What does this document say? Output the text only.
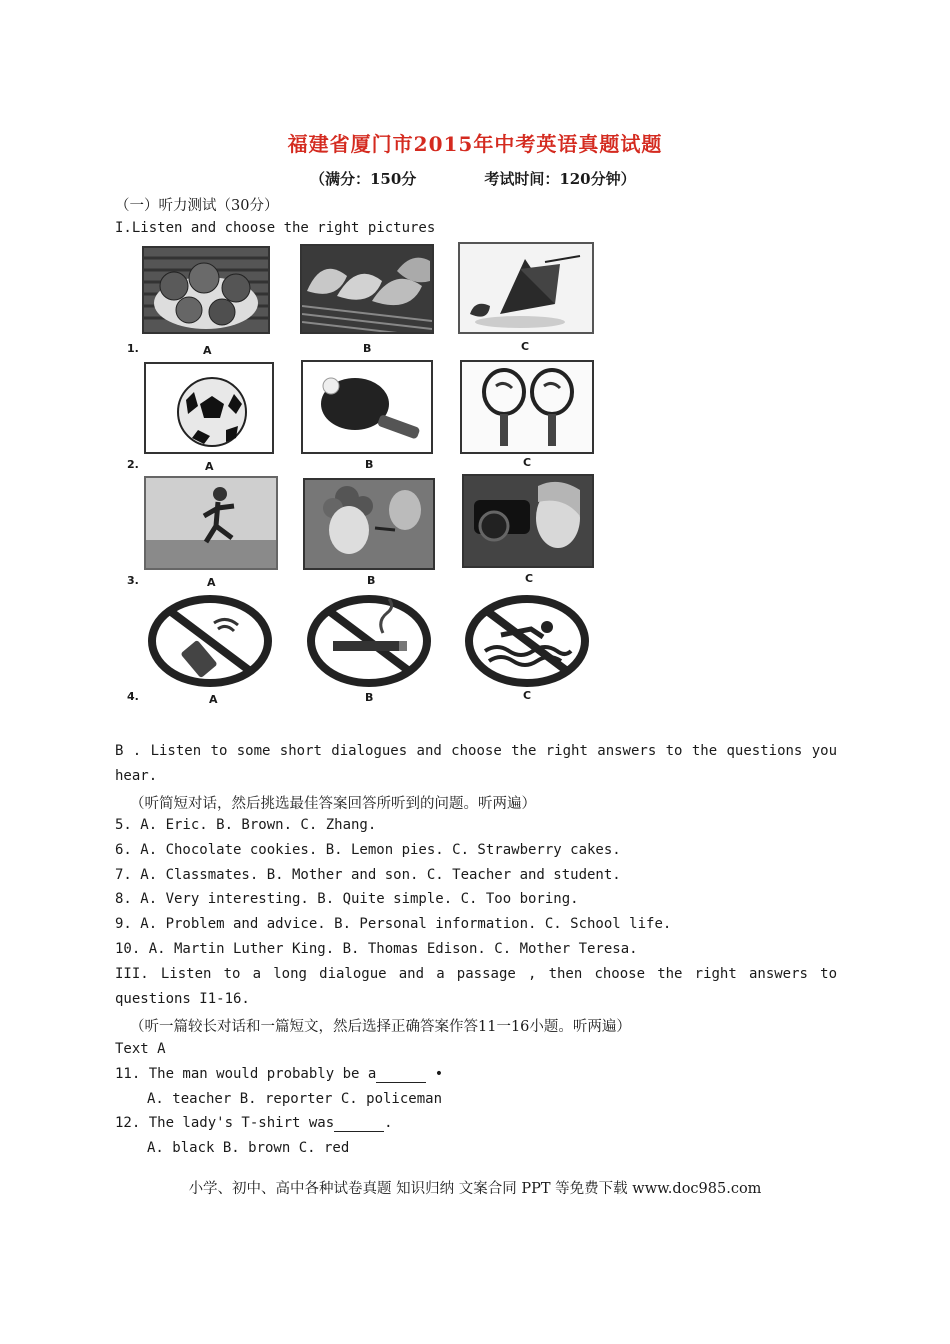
福建省厦门市2015年中考英语真题试题
（满分：150分	考试时间：120分钟）
（一）听力测试（30分）
I.Listen and choose the right pictures
1.	A	B	C
2.	A	B	C
3.	A	B	C
4.	A	B	C
B . Listen to some short dialogues and choose the right answers to the questions you
hear.
（听简短对话，然后挑选最佳答案回答所听到的问题。听两遍）
5. A. Eric. B. Brown. C. Zhang.
6. A. Chocolate cookies. B. Lemon pies. C. Strawberry cakes.
7. A. Classmates. B. Mother and son. C. Teacher and student.
8. A. Very interesting. B. Quite simple. C. Too boring.
9. A. Problem and advice. B. Personal information. C. School life.
10. A. Martin Luther King. B. Thomas Edison. C. Mother Teresa.
III. Listen to a long dialogue and a passage , then choose the right answers to
questions I1-16.
（听一篇较长对话和一篇短文，然后选择正确答案作答11一16小题。听两遍）
Text A
11. The man would probably be a	•
A. teacher B. reporter C. policeman
12. The lady's T-shirt was	.
A. black B. brown C. red
小学、初中、高中各种试卷真题 知识归纳 文案合同 PPT 等免费下载 www.doc985.com
